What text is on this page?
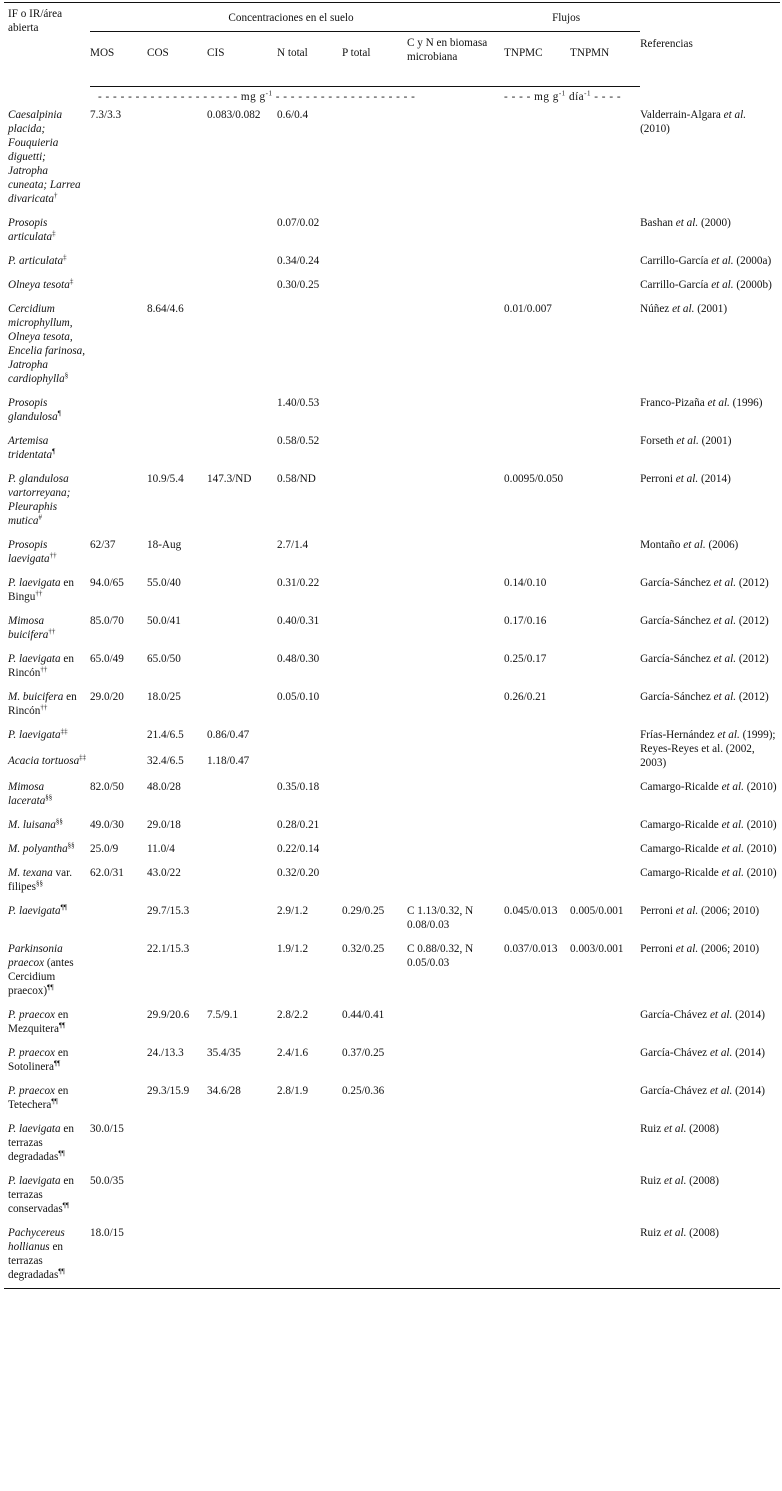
IF o IR/área abierta	Concentraciones en el suelo						Flujos		Referencias
	MOS	COS	CIS	N total	P total	C y N en biomasa microbiana	TNPMC	TNPMN	
	- - - - - - - - - - - - - - - - - - - mg $g^{-1}$ - - - - - - - - - - - - - - - - - - -						- - - - mg $g^{-1}$ día$^{-1}$ - - - -		
Caesalpinia placida; Fouquieria diguetti; Jatropha cuneata; Larrea divaricata†	7.3/3.3		0.083/0.082	0.6/0.4					Valderrain-Algara et al. (2010)
Prosopis articulata‡				0.07/0.02					Bashan et al. (2000)
P. articulata‡				0.34/0.24					Carrillo-García et al. (2000a)
Olneya tesota‡				0.30/0.25					Carrillo-García et al. (2000b)
Cercidium microphyllum, Olneya tesota, Encelia farinosa, Jatropha cardiophylla§		8.64/4.6					0.01/0.007		Núñez et al. (2001)
Prosopis glandulosa¶				1.40/0.53					Franco-Pizaña et al. (1996)
Artemisa tridentata¶				0.58/0.52					Forseth et al. (2001)
P. glandulosa vartorreyana; Pleuraphis mutica#		10.9/5.4	147.3/ND	0.58/ND			0.0095/0.050		Perroni et al. (2014)
Prosopis laevigata††	62/37	18-Aug		2.7/1.4					Montaño et al. (2006)
P. laevigata en Bingu††	94.0/65	55.0/40		0.31/0.22			0.14/0.10		García-Sánchez et al. (2012)
Mimosa buicifera††	85.0/70	50.0/41		0.40/0.31			0.17/0.16		García-Sánchez et al. (2012)
P. laevigata en Rincón††	65.0/49	65.0/50		0.48/0.30			0.25/0.17		García-Sánchez et al. (2012)
M. buicifera en Rincón††	29.0/20	18.0/25		0.05/0.10			0.26/0.21		García-Sánchez et al. (2012)
P. laevigata‡‡		21.4/6.5	0.86/0.47						Frías-Hernández et al. (1999); Reyes-Reyes et al. (2002, 2003)
Acacia tortuosa‡‡		32.4/6.5	1.18/0.47						
Mimosa lacerata§§	82.0/50	48.0/28		0.35/0.18					Camargo-Ricalde et al. (2010)
M. luisana§§	49.0/30	29.0/18		0.28/0.21					Camargo-Ricalde et al. (2010)
M. polyantha§§	25.0/9	11.0/4		0.22/0.14					Camargo-Ricalde et al. (2010)
M. texana var. filipes§§	62.0/31	43.0/22		0.32/0.20					Camargo-Ricalde et al. (2010)
P. laevigata¶¶		29.7/15.3		2.9/1.2	0.29/0.25	C 1.13/0.32, N 0.08/0.03	0.045/0.013	0.005/0.001	Perroni et al. (2006; 2010)
Parkinsonia praecox (antes Cercidium praecox)¶¶		22.1/15.3		1.9/1.2	0.32/0.25	C 0.88/0.32, N 0.05/0.03	0.037/0.013	0.003/0.001	Perroni et al. (2006; 2010)
P. praecox en Mezquitera¶¶		29.9/20.6	7.5/9.1	2.8/2.2	0.44/0.41				García-Chávez et al. (2014)
P. praecox en Sotolinera¶¶		24./13.3	35.4/35	2.4/1.6	0.37/0.25				García-Chávez et al. (2014)
P. praecox en Tetechera¶¶		29.3/15.9	34.6/28	2.8/1.9	0.25/0.36				García-Chávez et al. (2014)
P. laevigata en terrazas degradadas¶¶	30.0/15								Ruiz et al. (2008)
P. laevigata en terrazas conservadas¶¶	50.0/35								Ruiz et al. (2008)
Pachycereus hollianus en terrazas degradadas¶¶	18.0/15								Ruiz et al. (2008)
